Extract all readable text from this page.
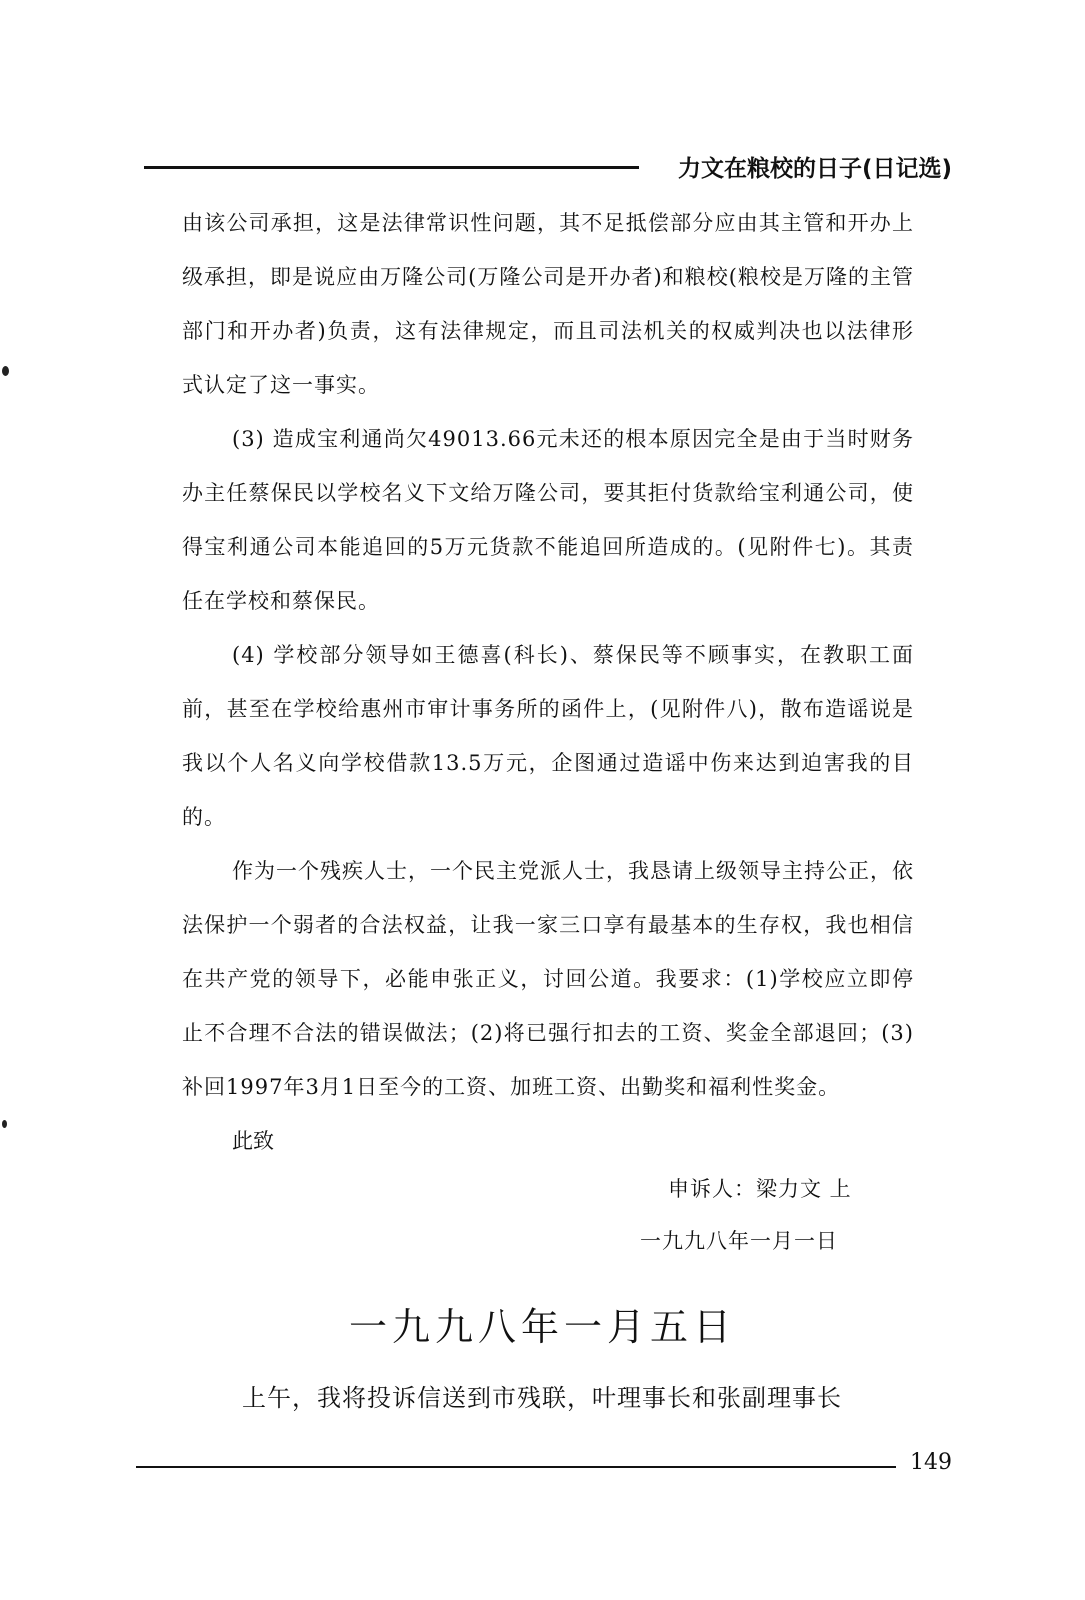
力文在粮校的日子(日记选)

由该公司承担，这是法律常识性问题，其不足抵偿部分应由其主管和开办上级承担，即是说应由万隆公司(万隆公司是开办者)和粮校(粮校是万隆的主管部门和开办者)负责，这有法律规定，而且司法机关的权威判决也以法律形式认定了这一事实。

(3) 造成宝利通尚欠49013.66元未还的根本原因完全是由于当时财务办主任蔡保民以学校名义下文给万隆公司，要其拒付货款给宝利通公司，使得宝利通公司本能追回的5万元货款不能追回所造成的。(见附件七)。其责任在学校和蔡保民。

(4) 学校部分领导如王德喜(科长)、蔡保民等不顾事实，在教职工面前，甚至在学校给惠州市审计事务所的函件上，(见附件八)，散布造谣说是我以个人名义向学校借款13.5万元，企图通过造谣中伤来达到迫害我的目的。

作为一个残疾人士，一个民主党派人士，我恳请上级领导主持公正，依法保护一个弱者的合法权益，让我一家三口享有最基本的生存权，我也相信在共产党的领导下，必能申张正义，讨回公道。我要求：(1)学校应立即停止不合理不合法的错误做法；(2)将已强行扣去的工资、奖金全部退回；(3)补回1997年3月1日至今的工资、加班工资、出勤奖和福利性奖金。

此致

申诉人：梁力文 上
一九九八年一月一日
一九九八年一月五日
上午，我将投诉信送到市残联，叶理事长和张副理事长
149
